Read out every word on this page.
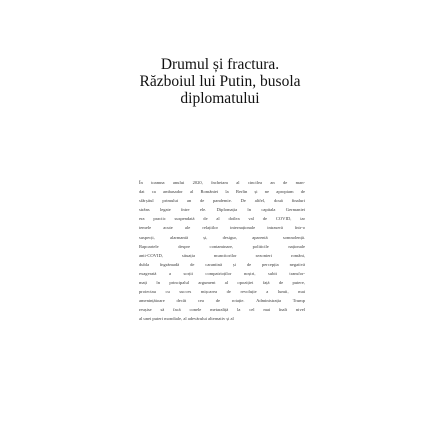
Drumul și fractura.
Războiul lui Putin, busola
diplomatului
În toamna anului 2020, încheiam al cincilea an de man-
dat ca ambasador al României la Berlin și ne apropiam de
sfârșitul primului an de pandemie. De altfel, două finaluri
strâns legate între ele. Diplomația în capitala Germaniei
era practic suspendată de al doilea val de COVID, iar
temele acute ale relațiilor internaționale intraseră într-o
suspecți, alarmantă și, desigur, aparentă somnolență.
Rapoartele despre contaminare, politicile naționale
anti-COVID, situația muncitorilor sezonieri români,
dubla îngrămadă de carantină și de percepția negativă
exagerată a sorții compatrioților noștri, subit transfor-
mați în principalul argument al opoziției față de putere,
proiectau cu succes mișcarea de revoluție a lumii, mai
amenințătoare decât cea de rotație. Administrația Trump
reușise să facă conele metaraliță la cel mai înalt nivel
al unei puteri mondiale, al adevărului alternativ și al
